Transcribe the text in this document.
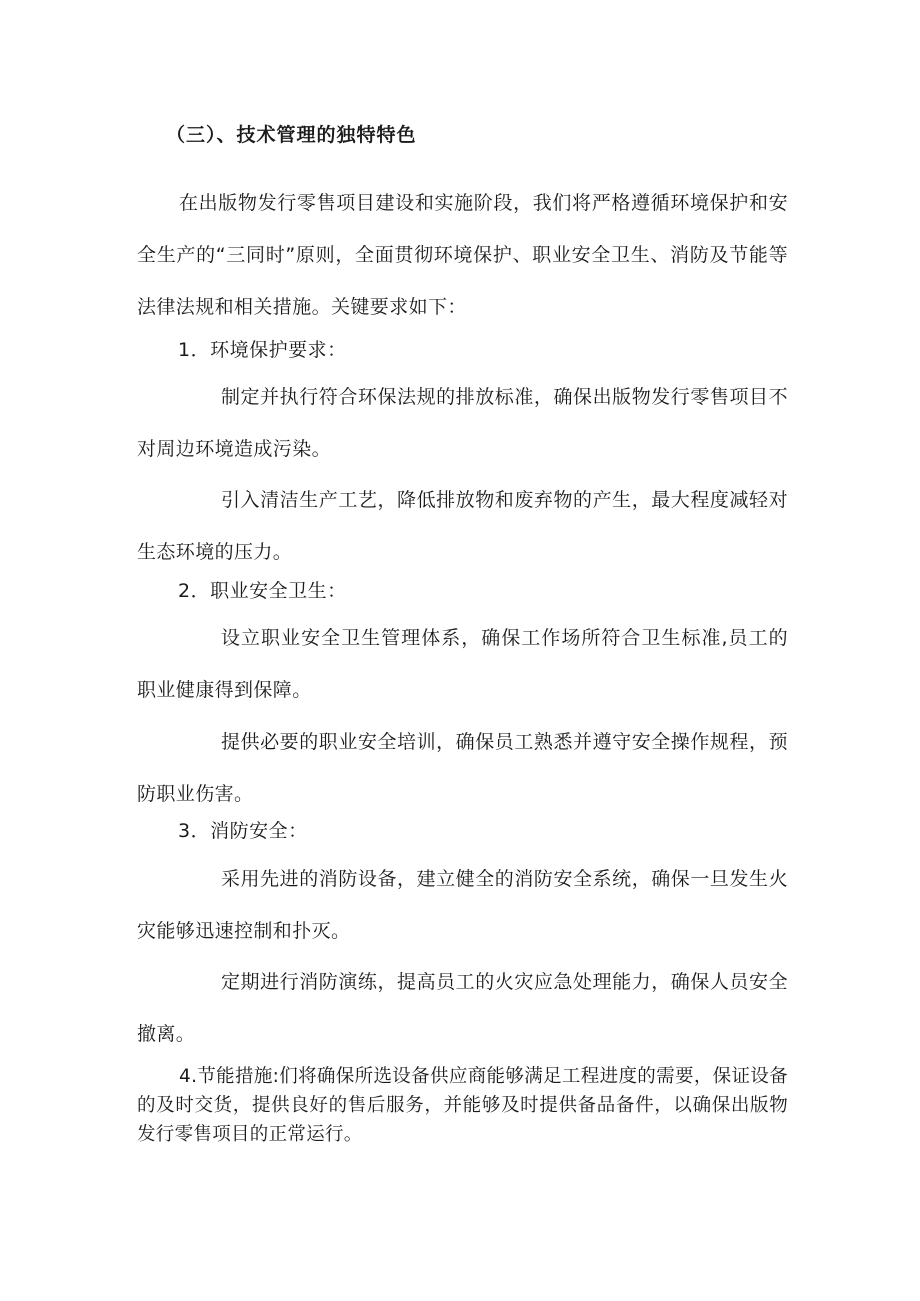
（三）、技术管理的独特特色

在出版物发行零售项目建设和实施阶段，我们将严格遵循环境保护和安全生产的“三同时”原则，全面贯彻环境保护、职业安全卫生、消防及节能等法律法规和相关措施。关键要求如下：

1．环境保护要求：

制定并执行符合环保法规的排放标准，确保出版物发行零售项目不对周边环境造成污染。

引入清洁生产工艺，降低排放物和废弃物的产生，最大程度减轻对生态环境的压力。

2．职业安全卫生：

设立职业安全卫生管理体系，确保工作场所符合卫生标准,员工的职业健康得到保障。

提供必要的职业安全培训，确保员工熟悉并遵守安全操作规程，预防职业伤害。

3．消防安全：

采用先进的消防设备，建立健全的消防安全系统，确保一旦发生火灾能够迅速控制和扑灭。

定期进行消防演练，提高员工的火灾应急处理能力，确保人员安全撤离。

4.节能措施:们将确保所选设备供应商能够满足工程进度的需要，保证设备的及时交货，提供良好的售后服务，并能够及时提供备品备件，以确保出版物发行零售项目的正常运行。
